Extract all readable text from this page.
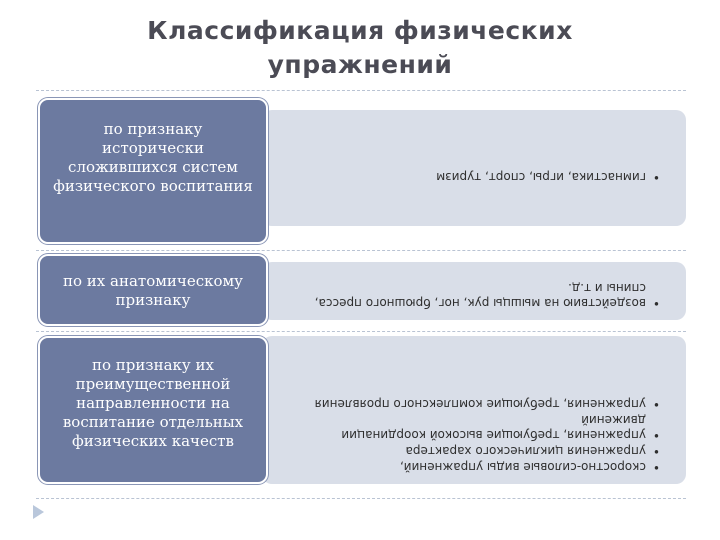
Классификация физических
упражнений
•
гимнастика, игры, спорт, туризм
по признаку исторически сложившихся систем физического воспитания
•
воздействию на мышцы рук, ног, брюшного пресса, спины и т.д.
по их анатомическому признаку
•
скоростно-силовые виды упражнений,
•
упражнения циклического характера
•
упражнения, требующие высокой координации движений
•
упражнения, требующие комплексного проявления
по признаку их преимущественной направленности на воспитание отдельных физических качеств
